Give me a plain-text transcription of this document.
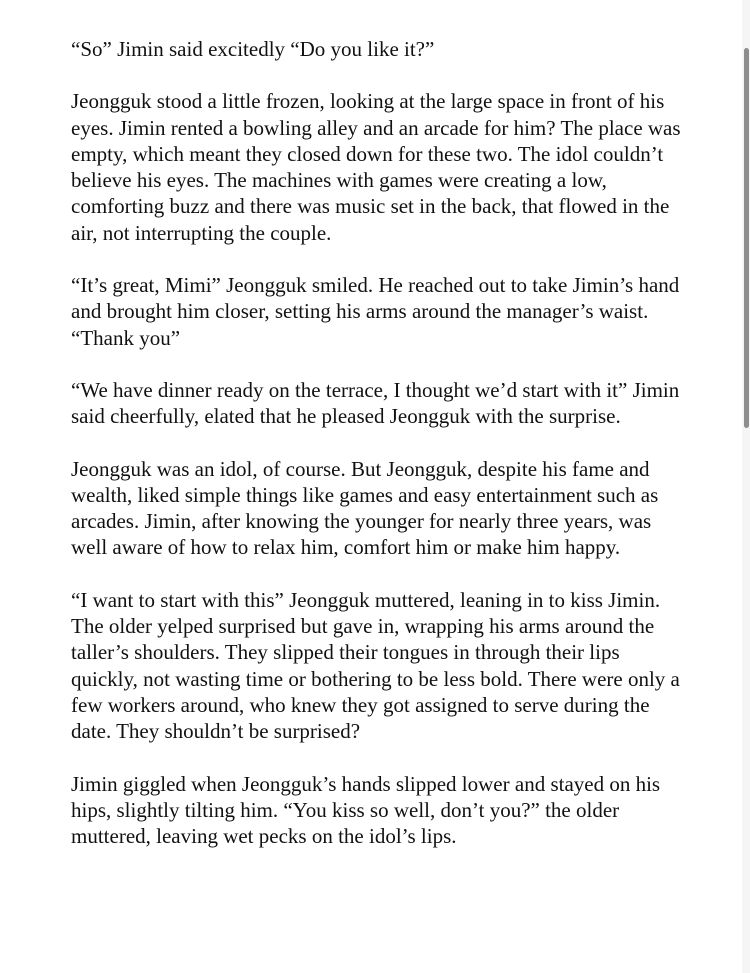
“So” Jimin said excitedly “Do you like it?”

Jeongguk stood a little frozen, looking at the large space in front of his eyes. Jimin rented a bowling alley and an arcade for him? The place was empty, which meant they closed down for these two. The idol couldn’t believe his eyes. The machines with games were creating a low, comforting buzz and there was music set in the back, that flowed in the air, not interrupting the couple.

“It’s great, Mimi” Jeongguk smiled. He reached out to take Jimin’s hand and brought him closer, setting his arms around the manager’s waist. “Thank you”

“We have dinner ready on the terrace, I thought we’d start with it” Jimin said cheerfully, elated that he pleased Jeongguk with the surprise.

Jeongguk was an idol, of course. But Jeongguk, despite his fame and wealth, liked simple things like games and easy entertainment such as arcades. Jimin, after knowing the younger for nearly three years, was well aware of how to relax him, comfort him or make him happy.

“I want to start with this” Jeongguk muttered, leaning in to kiss Jimin. The older yelped surprised but gave in, wrapping his arms around the taller’s shoulders. They slipped their tongues in through their lips quickly, not wasting time or bothering to be less bold. There were only a few workers around, who knew they got assigned to serve during the date. They shouldn’t be surprised?

Jimin giggled when Jeongguk’s hands slipped lower and stayed on his hips, slightly tilting him. “You kiss so well, don’t you?” the older muttered, leaving wet pecks on the idol’s lips.
